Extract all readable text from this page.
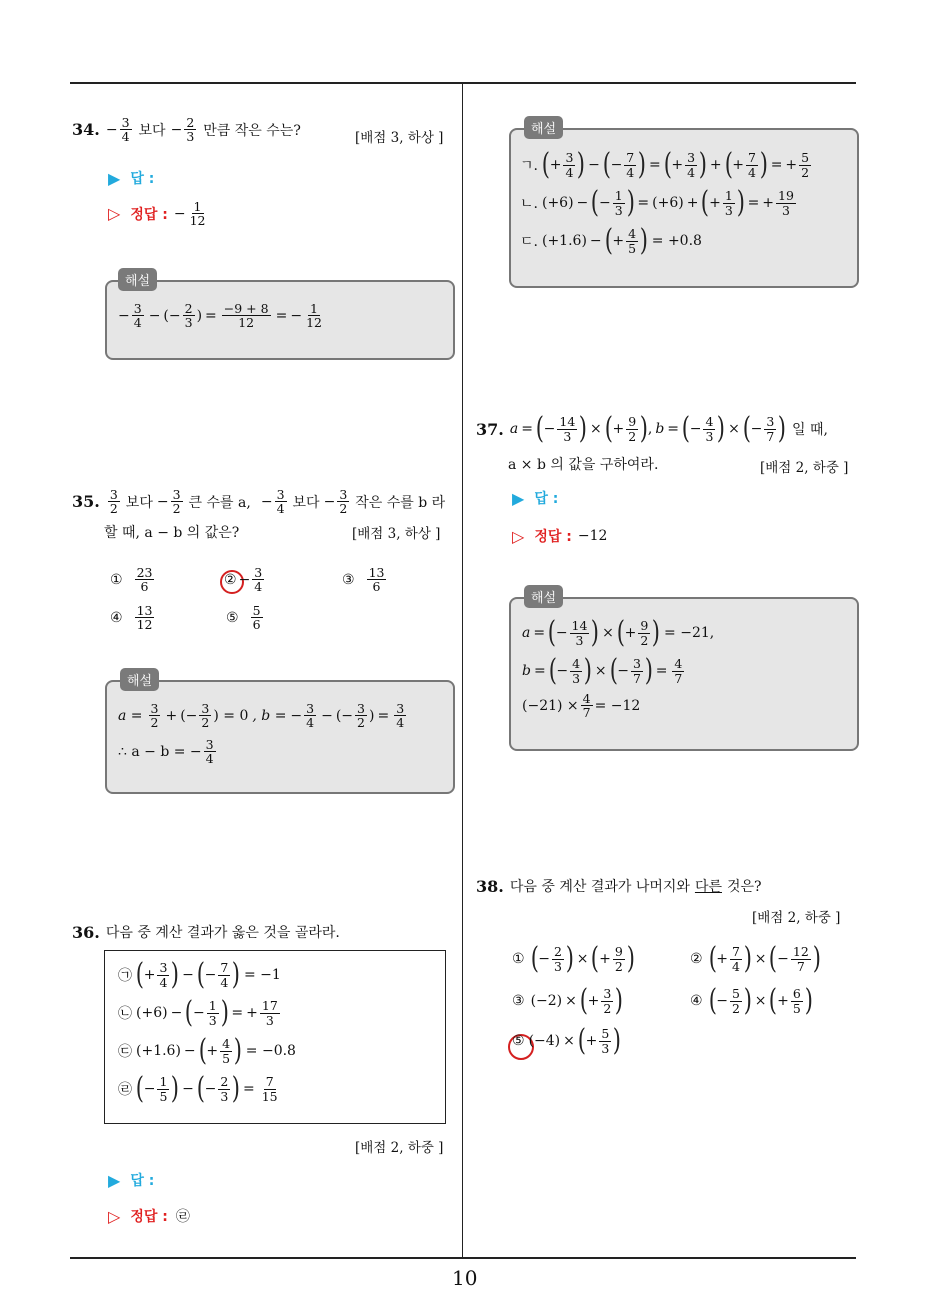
10
34. − $\frac{3}{4}$ 보다 − $\frac{2}{3}$ 만큼 작은 수는?	[배점 3, 하상 ]
▶ 답 :
▷ 정답 : − $\frac{1}{12}$
해설
− $\frac{3}{4}$ − (− $\frac{2}{3}$ ) = $\frac{-9 + 8}{12}$ = − $\frac{1}{12}$
35. $\frac{3}{2}$ 보다 − $\frac{3}{2}$ 큰 수를 a, − $\frac{3}{4}$ 보다 − $\frac{3}{2}$ 작은 수를 b 라
할 때, a − b 의 값은?	[배점 3, 하상 ]
① $\frac{23}{6}$	② − $\frac{3}{4}$	③ $\frac{13}{6}$
④ $\frac{13}{12}$	⑤ $\frac{5}{6}$
해설
$a = \frac{3}{2}$ + (− $\frac{3}{2}$ ) = 0 , b = − $\frac{3}{4}$ − (− $\frac{3}{2}$ ) = $\frac{3}{4}$
∴ a − b = − $\frac{3}{4}$
36. 다음 중 계산 결과가 옳은 것을 골라라.
㉠ ( + $\frac{3}{4}$ ) − ( − $\frac{7}{4}$ ) = −1
㉡ (+6) − ( − $\frac{1}{3}$ ) = + $\frac{17}{3}$
㉢ (+1.6) − ( + $\frac{4}{5}$ ) = −0.8
㉣ ( − $\frac{1}{5}$ ) − ( − $\frac{2}{3}$ ) = $\frac{7}{15}$
[배점 2, 하중 ]
▶ 답 :
▷ 정답 : ㉣
해설
ㄱ. ( + $\frac{3}{4}$ ) − ( − $\frac{7}{4}$ ) = ( + $\frac{3}{4}$ ) + ( + $\frac{7}{4}$ ) = + $\frac{5}{2}$
ㄴ. (+6) − ( − $\frac{1}{3}$ ) = (+6) + ( + $\frac{1}{3}$ ) = + $\frac{19}{3}$
ㄷ. (+1.6) − ( + $\frac{4}{5}$ ) = +0.8
37. a = ( − $\frac{14}{3}$ ) × ( + $\frac{9}{2}$ ) , b = ( − $\frac{4}{3}$ ) × ( − $\frac{3}{7}$ ) 일 때,
a × b 의 값을 구하여라.	[배점 2, 하중 ]
▶ 답 :
▷ 정답 : −12
해설
a = ( − $\frac{14}{3}$ ) × ( + $\frac{9}{2}$ ) = −21,
b = ( − $\frac{4}{3}$ ) × ( − $\frac{3}{7}$ ) = $\frac{4}{7}$
$(-21) \times \frac{4}{7} = -12$
38. 다음 중 계산 결과가 나머지와 다른 것은?
[배점 2, 하중 ]
① ( − $\frac{2}{3}$ ) × ( + $\frac{9}{2}$ )	② ( + $\frac{7}{4}$ ) × ( − $\frac{12}{7}$ )
③ (−2) × ( + $\frac{3}{2}$ )	④ ( − $\frac{5}{2}$ ) × ( + $\frac{6}{5}$ )
⑤ (−4) × ( + $\frac{5}{3}$ )
